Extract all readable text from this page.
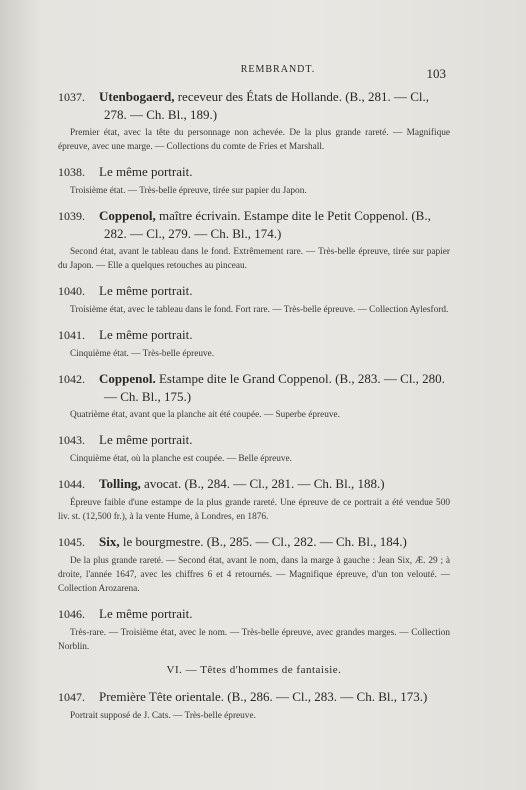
REMBRANDT.	103
1037. Utenbogaerd, receveur des États de Hollande. (B., 281. — Cl., 278. — Ch. Bl., 189.)
Premier état, avec la tête du personnage non achevée. De la plus grande rareté. — Magnifique épreuve, avec une marge. — Collections du comte de Fries et Marshall.
1038. Le même portrait.
Troisième état. — Très-belle épreuve, tirée sur papier du Japon.
1039. Coppenol, maître écrivain. Estampe dite le Petit Coppenol. (B., 282. — Cl., 279. — Ch. Bl., 174.)
Second état, avant le tableau dans le fond. Extrêmement rare. — Très-belle épreuve, tirée sur papier du Japon. — Elle a quelques retouches au pinceau.
1040. Le même portrait.
Troisième état, avec le tableau dans le fond. Fort rare. — Très-belle épreuve. — Collection Aylesford.
1041. Le même portrait.
Cinquième état. — Très-belle épreuve.
1042. Coppenol. Estampe dite le Grand Coppenol. (B., 283. — Cl., 280. — Ch. Bl., 175.)
Quatrième état, avant que la planche ait été coupée. — Superbe épreuve.
1043. Le même portrait.
Cinquième état, où la planche est coupée. — Belle épreuve.
1044. Tolling, avocat. (B., 284. — Cl., 281. — Ch. Bl., 188.)
Épreuve faible d'une estampe de la plus grande rareté. Une épreuve de ce portrait a été vendue 500 liv. st. (12,500 fr.), à la vente Hume, à Londres, en 1876.
1045. Six, le bourgmestre. (B., 285. — Cl., 282. — Ch. Bl., 184.)
De la plus grande rareté. — Second état, avant le nom, dans la marge à gauche : Jean Six, Æ. 29 ; à droite, l'année 1647, avec les chiffres 6 et 4 retournés. — Magnifique épreuve, d'un ton velouté. — Collection Arozarena.
1046. Le même portrait.
Très-rare. — Troisième état, avec le nom. — Très-belle épreuve, avec grandes marges. — Collection Norblin.
VI. — Têtes d'hommes de fantaisie.
1047. Première Tête orientale. (B., 286. — Cl., 283. — Ch. Bl., 173.)
Portrait supposé de J. Cats. — Très-belle épreuve.
